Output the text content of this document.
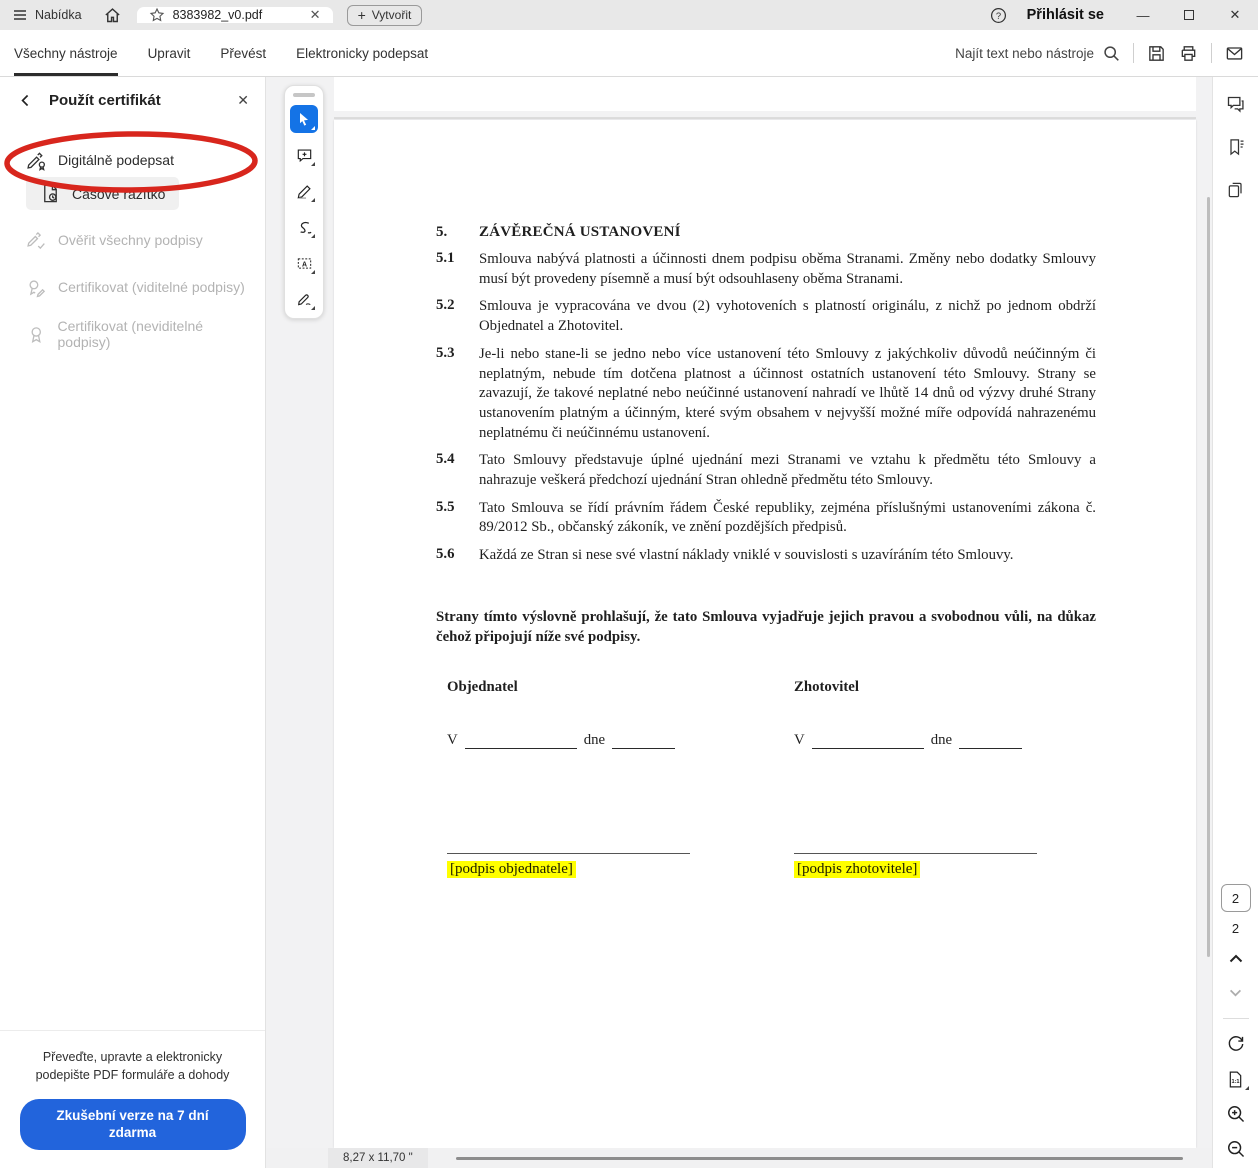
Nabídka	8383982_v0.pdf	✕	+ Vytvořit	?	Přihlásit se	—	✕
Všechny nástroje Upravit Převést Elektronicky podepsat	Najít text nebo nástroje
Použít certifikát	✕
Digitálně podepsat
Časové razítko
Ověřit všechny podpisy
Certifikovat (viditelné podpisy)
Certifikovat (neviditelné podpisy)
Převeďte, upravte a elektronicky podepište PDF formuláře a dohody
Zkušební verze na 7 dní zdarma
5.	ZÁVĚREČNÁ USTANOVENÍ
5.1	Smlouva nabývá platnosti a účinnosti dnem podpisu oběma Stranami. Změny nebo dodatky Smlouvy musí být provedeny písemně a musí být odsouhlaseny oběma Stranami.
5.2	Smlouva je vypracována ve dvou (2) vyhotoveních s platností originálu, z nichž po jednom obdrží Objednatel a Zhotovitel.
5.3	Je-li nebo stane-li se jedno nebo více ustanovení této Smlouvy z jakýchkoliv důvodů neúčinným či neplatným, nebude tím dotčena platnost a účinnost ostatních ustanovení této Smlouvy. Strany se zavazují, že takové neplatné nebo neúčinné ustanovení nahradí ve lhůtě 14 dnů od výzvy druhé Strany ustanovením platným a účinným, které svým obsahem v nejvyšší možné míře odpovídá nahrazenému neplatnému či neúčinnému ustanovení.
5.4	Tato Smlouvy představuje úplné ujednání mezi Stranami ve vztahu k předmětu této Smlouvy a nahrazuje veškerá předchozí ujednání Stran ohledně předmětu této Smlouvy.
5.5	Tato Smlouva se řídí právním řádem České republiky, zejména příslušnými ustanoveními zákona č. 89/2012 Sb., občanský zákoník, ve znění pozdějších předpisů.
5.6	Každá ze Stran si nese své vlastní náklady vniklé v souvislosti s uzavíráním této Smlouvy.
Strany tímto výslovně prohlašují, že tato Smlouva vyjadřuje jejich pravou a svobodnou vůli, na důkaz čehož připojují níže své podpisy.
Objednatel
V	dne
[podpis objednatele]
Zhotovitel
V	dne
[podpis zhotovitele]
A
8,27 x 11,70 "
2
2
1:1
